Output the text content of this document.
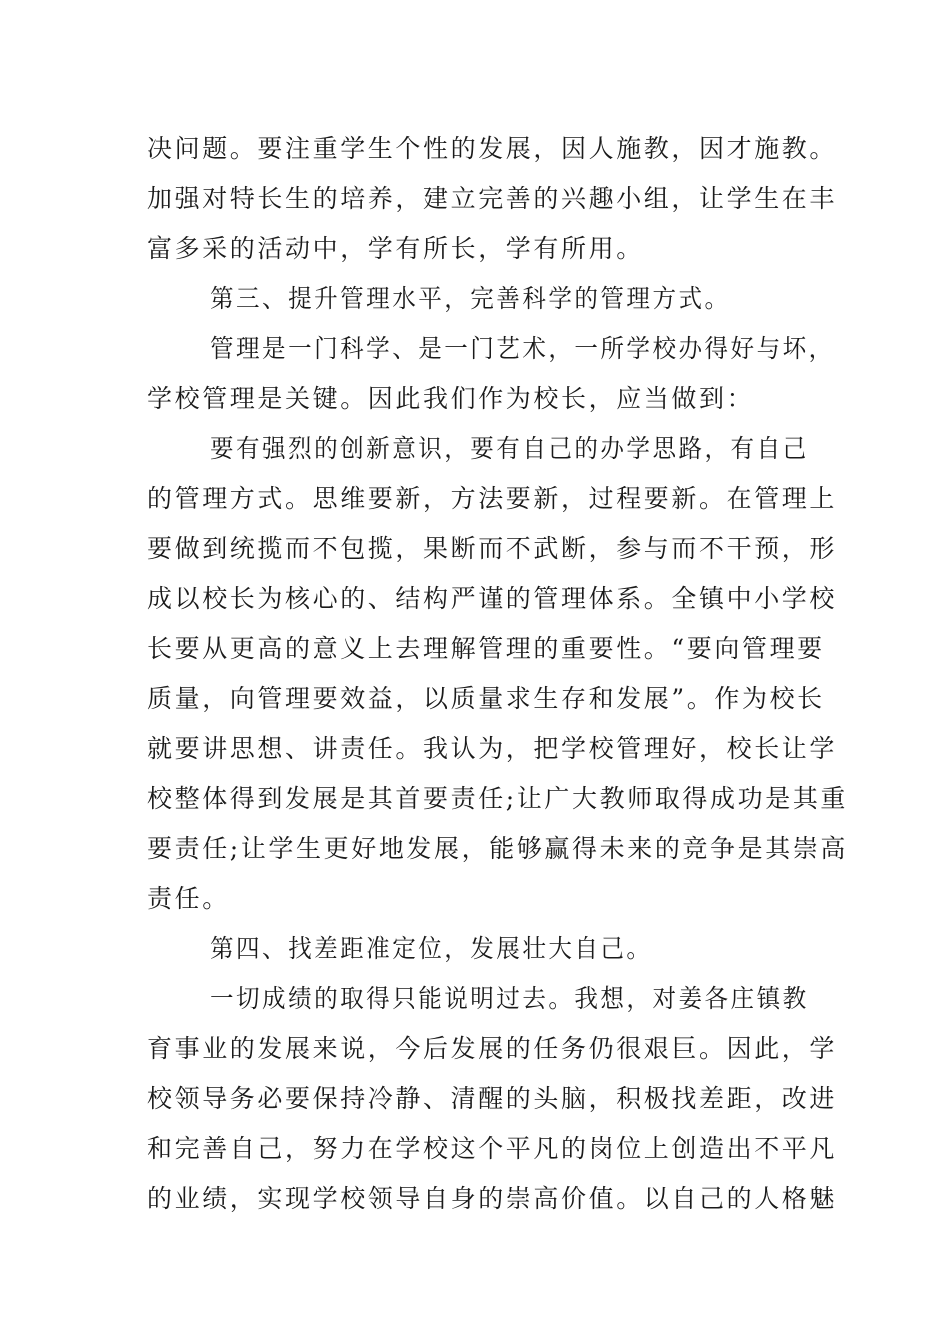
决问题。要注重学生个性的发展，因人施教，因才施教。
加强对特长生的培养，建立完善的兴趣小组，让学生在丰
富多采的活动中，学有所长，学有所用。
第三、提升管理水平，完善科学的管理方式。
管理是一门科学、是一门艺术，一所学校办得好与坏，
学校管理是关键。因此我们作为校长，应当做到：
要有强烈的创新意识，要有自己的办学思路，有自己
的管理方式。思维要新，方法要新，过程要新。在管理上
要做到统揽而不包揽，果断而不武断，参与而不干预，形
成以校长为核心的、结构严谨的管理体系。全镇中小学校
长要从更高的意义上去理解管理的重要性。“要向管理要
质量，向管理要效益，以质量求生存和发展”。作为校长
就要讲思想、讲责任。我认为，把学校管理好，校长让学
校整体得到发展是其首要责任;让广大教师取得成功是其重
要责任;让学生更好地发展，能够赢得未来的竞争是其崇高
责任。
第四、找差距准定位，发展壮大自己。
一切成绩的取得只能说明过去。我想，对姜各庄镇教
育事业的发展来说，今后发展的任务仍很艰巨。因此，学
校领导务必要保持冷静、清醒的头脑，积极找差距，改进
和完善自己，努力在学校这个平凡的岗位上创造出不平凡
的业绩，实现学校领导自身的崇高价值。以自己的人格魅
